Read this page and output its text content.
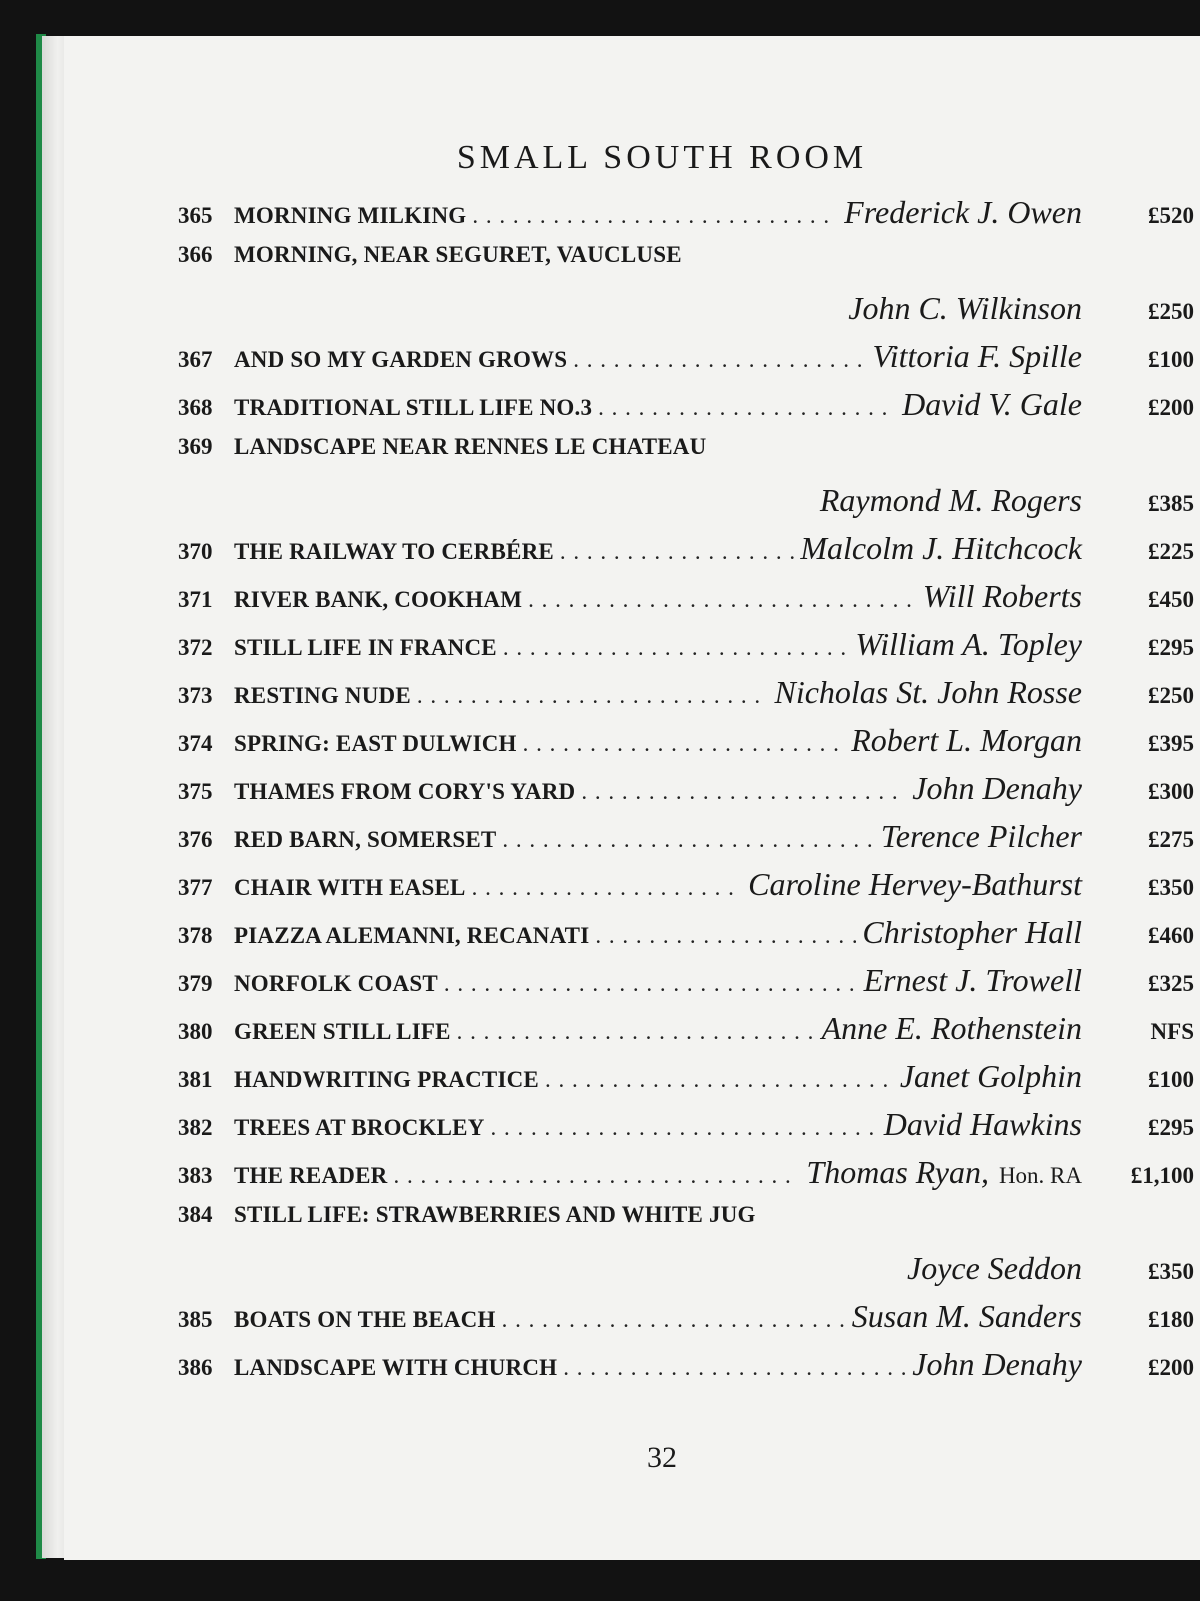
SMALL SOUTH ROOM
365 MORNING MILKING . . .	Frederick J. Owen	£520
366 MORNING, NEAR SEGURET, VAUCLUSE
John C. Wilkinson	£250
367 AND SO MY GARDEN GROWS . . .	Vittoria F. Spille	£100
368 TRADITIONAL STILL LIFE NO.3 . . .	David V. Gale	£200
369 LANDSCAPE NEAR RENNES LE CHATEAU
Raymond M. Rogers	£385
370 THE RAILWAY TO CERBÉRE . . .	Malcolm J. Hitchcock	£225
371 RIVER BANK, COOKHAM . . .	Will Roberts	£450
372 STILL LIFE IN FRANCE . . .	William A. Topley	£295
373 RESTING NUDE . . .	Nicholas St. John Rosse	£250
374 SPRING: EAST DULWICH . . .	Robert L. Morgan	£395
375 THAMES FROM CORY'S YARD . . .	John Denahy	£300
376 RED BARN, SOMERSET . . .	Terence Pilcher	£275
377 CHAIR WITH EASEL . . .	Caroline Hervey-Bathurst	£350
378 PIAZZA ALEMANNI, RECANATI . . .	Christopher Hall	£460
379 NORFOLK COAST . . .	Ernest J. Trowell	£325
380 GREEN STILL LIFE . . .	Anne E. Rothenstein	NFS
381 HANDWRITING PRACTICE . . .	Janet Golphin	£100
382 TREES AT BROCKLEY . . .	David Hawkins	£295
383 THE READER . . .	Thomas Ryan, Hon. RA	£1,100
384 STILL LIFE: STRAWBERRIES AND WHITE JUG
Joyce Seddon	£350
385 BOATS ON THE BEACH . . .	Susan M. Sanders	£180
386 LANDSCAPE WITH CHURCH . . .	John Denahy	£200
32
